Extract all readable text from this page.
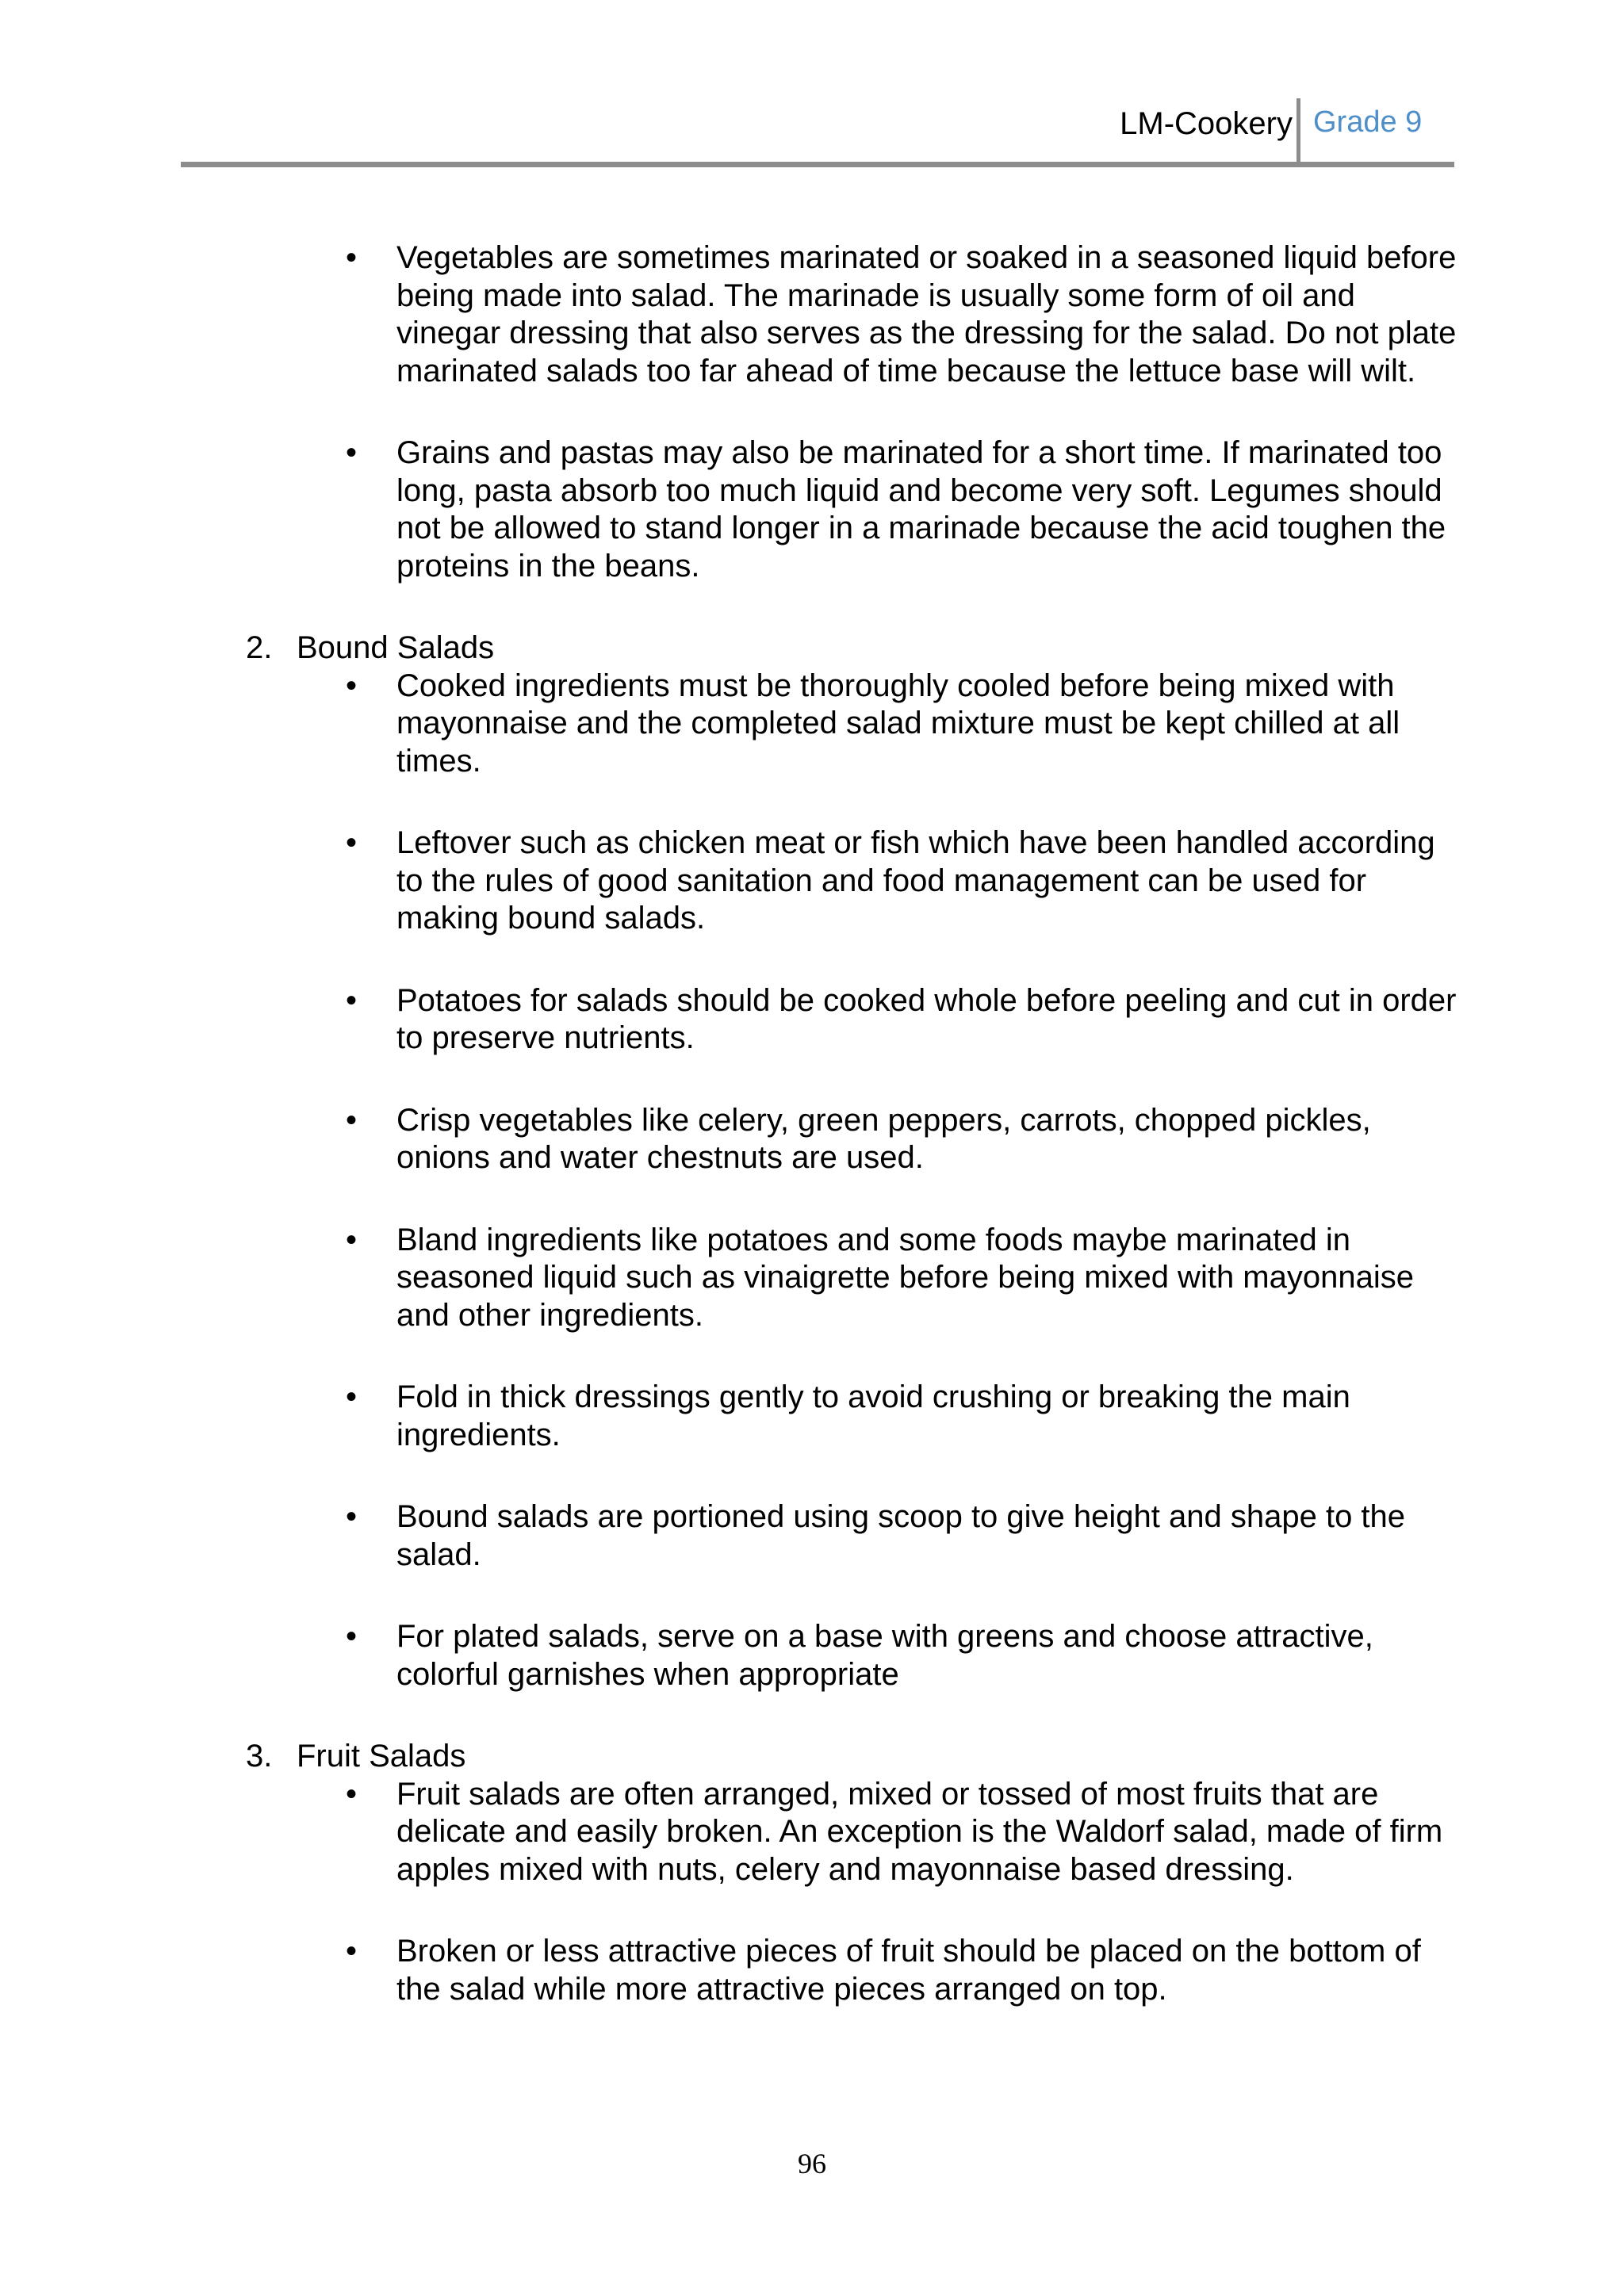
LM-Cookery Grade 9
• Vegetables are sometimes marinated or soaked in a seasoned liquid before being made into salad. The marinade is usually some form of oil and vinegar dressing that also serves as the dressing for the salad. Do not plate marinated salads too far ahead of time because the lettuce base will wilt.
• Grains and pastas may also be marinated for a short time. If marinated too long, pasta absorb too much liquid and become very soft. Legumes should not be allowed to stand longer in a marinade because the acid toughen the proteins in the beans.
2. Bound Salads
• Cooked ingredients must be thoroughly cooled before being mixed with mayonnaise and the completed salad mixture must be kept chilled at all times.
• Leftover such as chicken meat or fish which have been handled according to the rules of good sanitation and food management can be used for making bound salads.
• Potatoes for salads should be cooked whole before peeling and cut in order to preserve nutrients.
• Crisp vegetables like celery, green peppers, carrots, chopped pickles, onions and water chestnuts are used.
• Bland ingredients like potatoes and some foods maybe marinated in seasoned liquid such as vinaigrette before being mixed with mayonnaise and other ingredients.
• Fold in thick dressings gently to avoid crushing or breaking the main ingredients.
• Bound salads are portioned using scoop to give height and shape to the salad.
• For plated salads, serve on a base with greens and choose attractive, colorful garnishes when appropriate
3. Fruit Salads
• Fruit salads are often arranged, mixed or tossed of most fruits that are delicate and easily broken. An exception is the Waldorf salad, made of firm apples mixed with nuts, celery and mayonnaise based dressing.
• Broken or less attractive pieces of fruit should be placed on the bottom of the salad while more attractive pieces arranged on top.
96
